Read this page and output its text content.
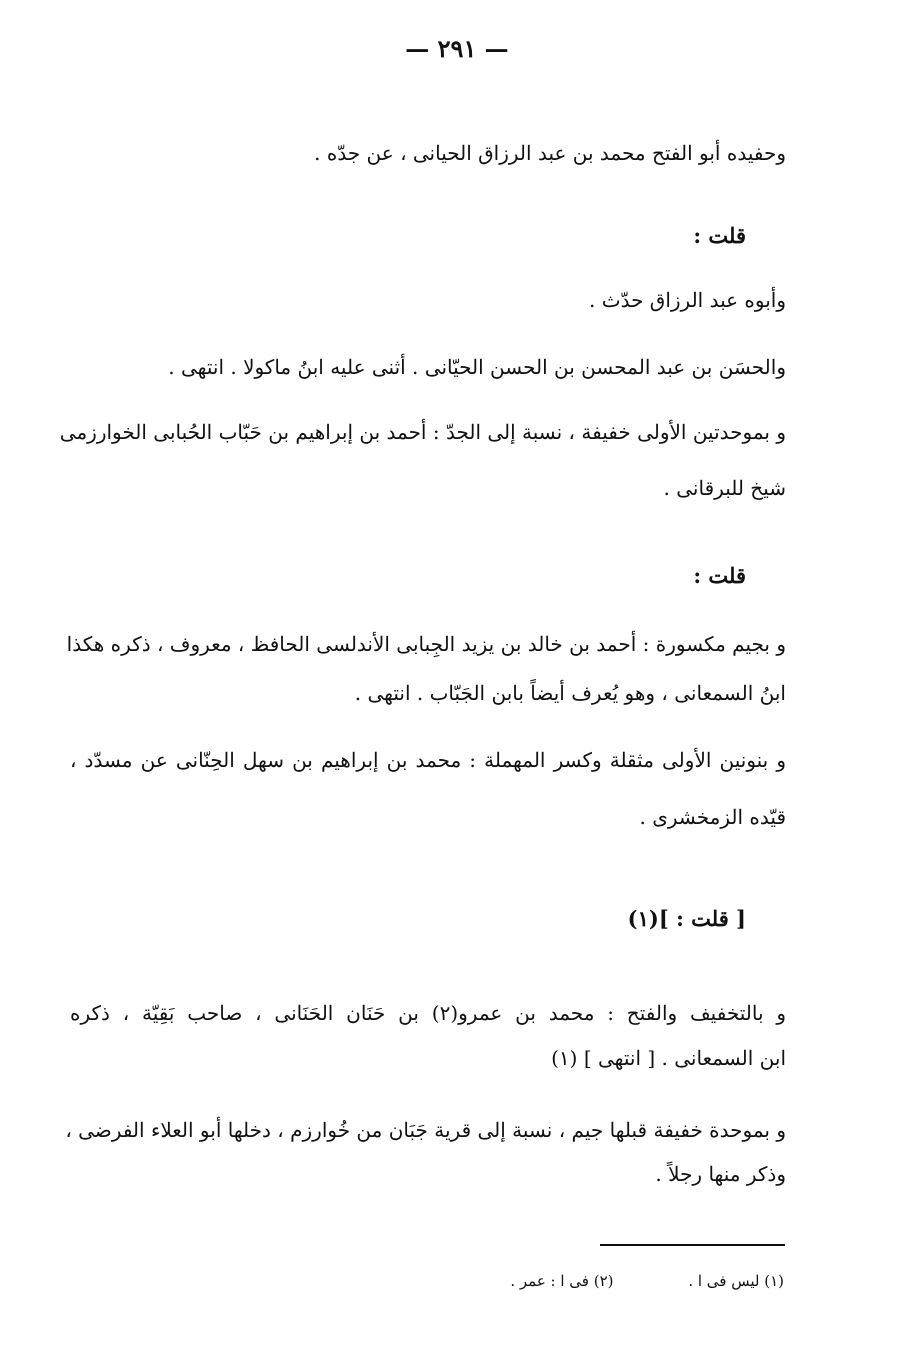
— ٢٩١ —
وحفيده أبو الفتح محمد بن عبد الرزاق الحيانى ، عن جدّه .
قلت :
وأبوه عبد الرزاق حدّث .
والحسَن بن عبد المحسن بن الحسن الحيّانى . أثنى عليه ابنُ ماكولا . انتهى .
و بموحدتين الأولى خفيفة ، نسبة إلى الجدّ : أحمد بن إبراهيم بن حَبّاب الحُبابى الخوارزمى
شيخ للبرقانى .
قلت :
و بجيم مكسورة : أحمد بن خالد بن يزيد الجِبابى الأندلسى الحافظ ، معروف ، ذكره هكذا
ابنُ السمعانى ، وهو يُعرف أيضاً بابن الجَبّاب . انتهى .
و بنونين الأولى مثقلة وكسر المهملة : محمد بن إبراهيم بن سهل الحِنّانى عن مسدّد ،
قيّده الزمخشرى .
[ قلت : ](١)
و بالتخفيف والفتح : محمد بن عمرو(٢) بن حَنَان الحَنَانى ، صاحب بَقِيّة ، ذكره
ابن السمعانى . [ انتهى ] (١)
و بموحدة خفيفة قبلها جيم ، نسبة إلى قرية جَبَان من خُوارزم ، دخلها أبو العلاء الفرضى ،
وذكر منها رجلاً .
(١) ليس فى ا . (٢) فى ا : عمر .
